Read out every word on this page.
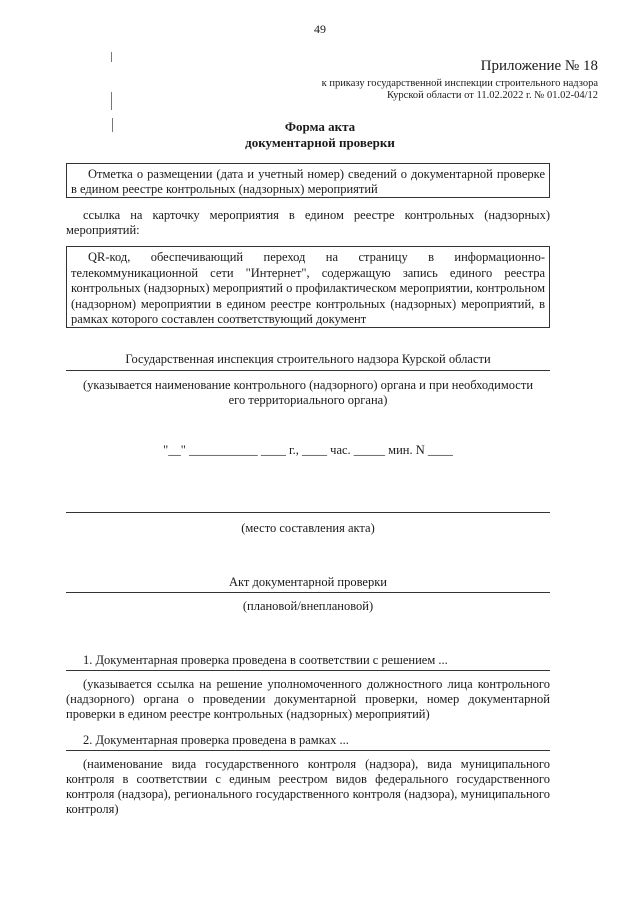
49
Приложение № 18
к приказу государственной инспекции строительного надзора
Курской области от 11.02.2022 г. № 01.02-04/12
Форма акта
документарной проверки
Отметка о размещении (дата и учетный номер) сведений о документарной проверке в едином реестре контрольных (надзорных) мероприятий
ссылка на карточку мероприятия в едином реестре контрольных (надзорных) мероприятий:
QR-код, обеспечивающий переход на страницу в информационно-телекоммуникационной сети "Интернет", содержащую запись единого реестра контрольных (надзорных) мероприятий о профилактическом мероприятии, контрольном (надзорном) мероприятии в едином реестре контрольных (надзорных) мероприятий, в рамках которого составлен соответствующий документ
Государственная инспекция строительного надзора Курской области
(указывается наименование контрольного (надзорного) органа и при необходимости
его территориального органа)
"__" ___________ ____ г., ____ час. _____ мин. N ____
(место составления акта)
Акт документарной проверки
(плановой/внеплановой)
1. Документарная проверка проведена в соответствии с решением ...
(указывается ссылка на решение уполномоченного должностного лица контрольного (надзорного) органа о проведении документарной проверки, номер документарной проверки в едином реестре контрольных (надзорных) мероприятий)
2. Документарная проверка проведена в рамках ...
(наименование вида государственного контроля (надзора), вида муниципального контроля в соответствии с единым реестром видов федерального государственного контроля (надзора), регионального государственного контроля (надзора), муниципального контроля)
